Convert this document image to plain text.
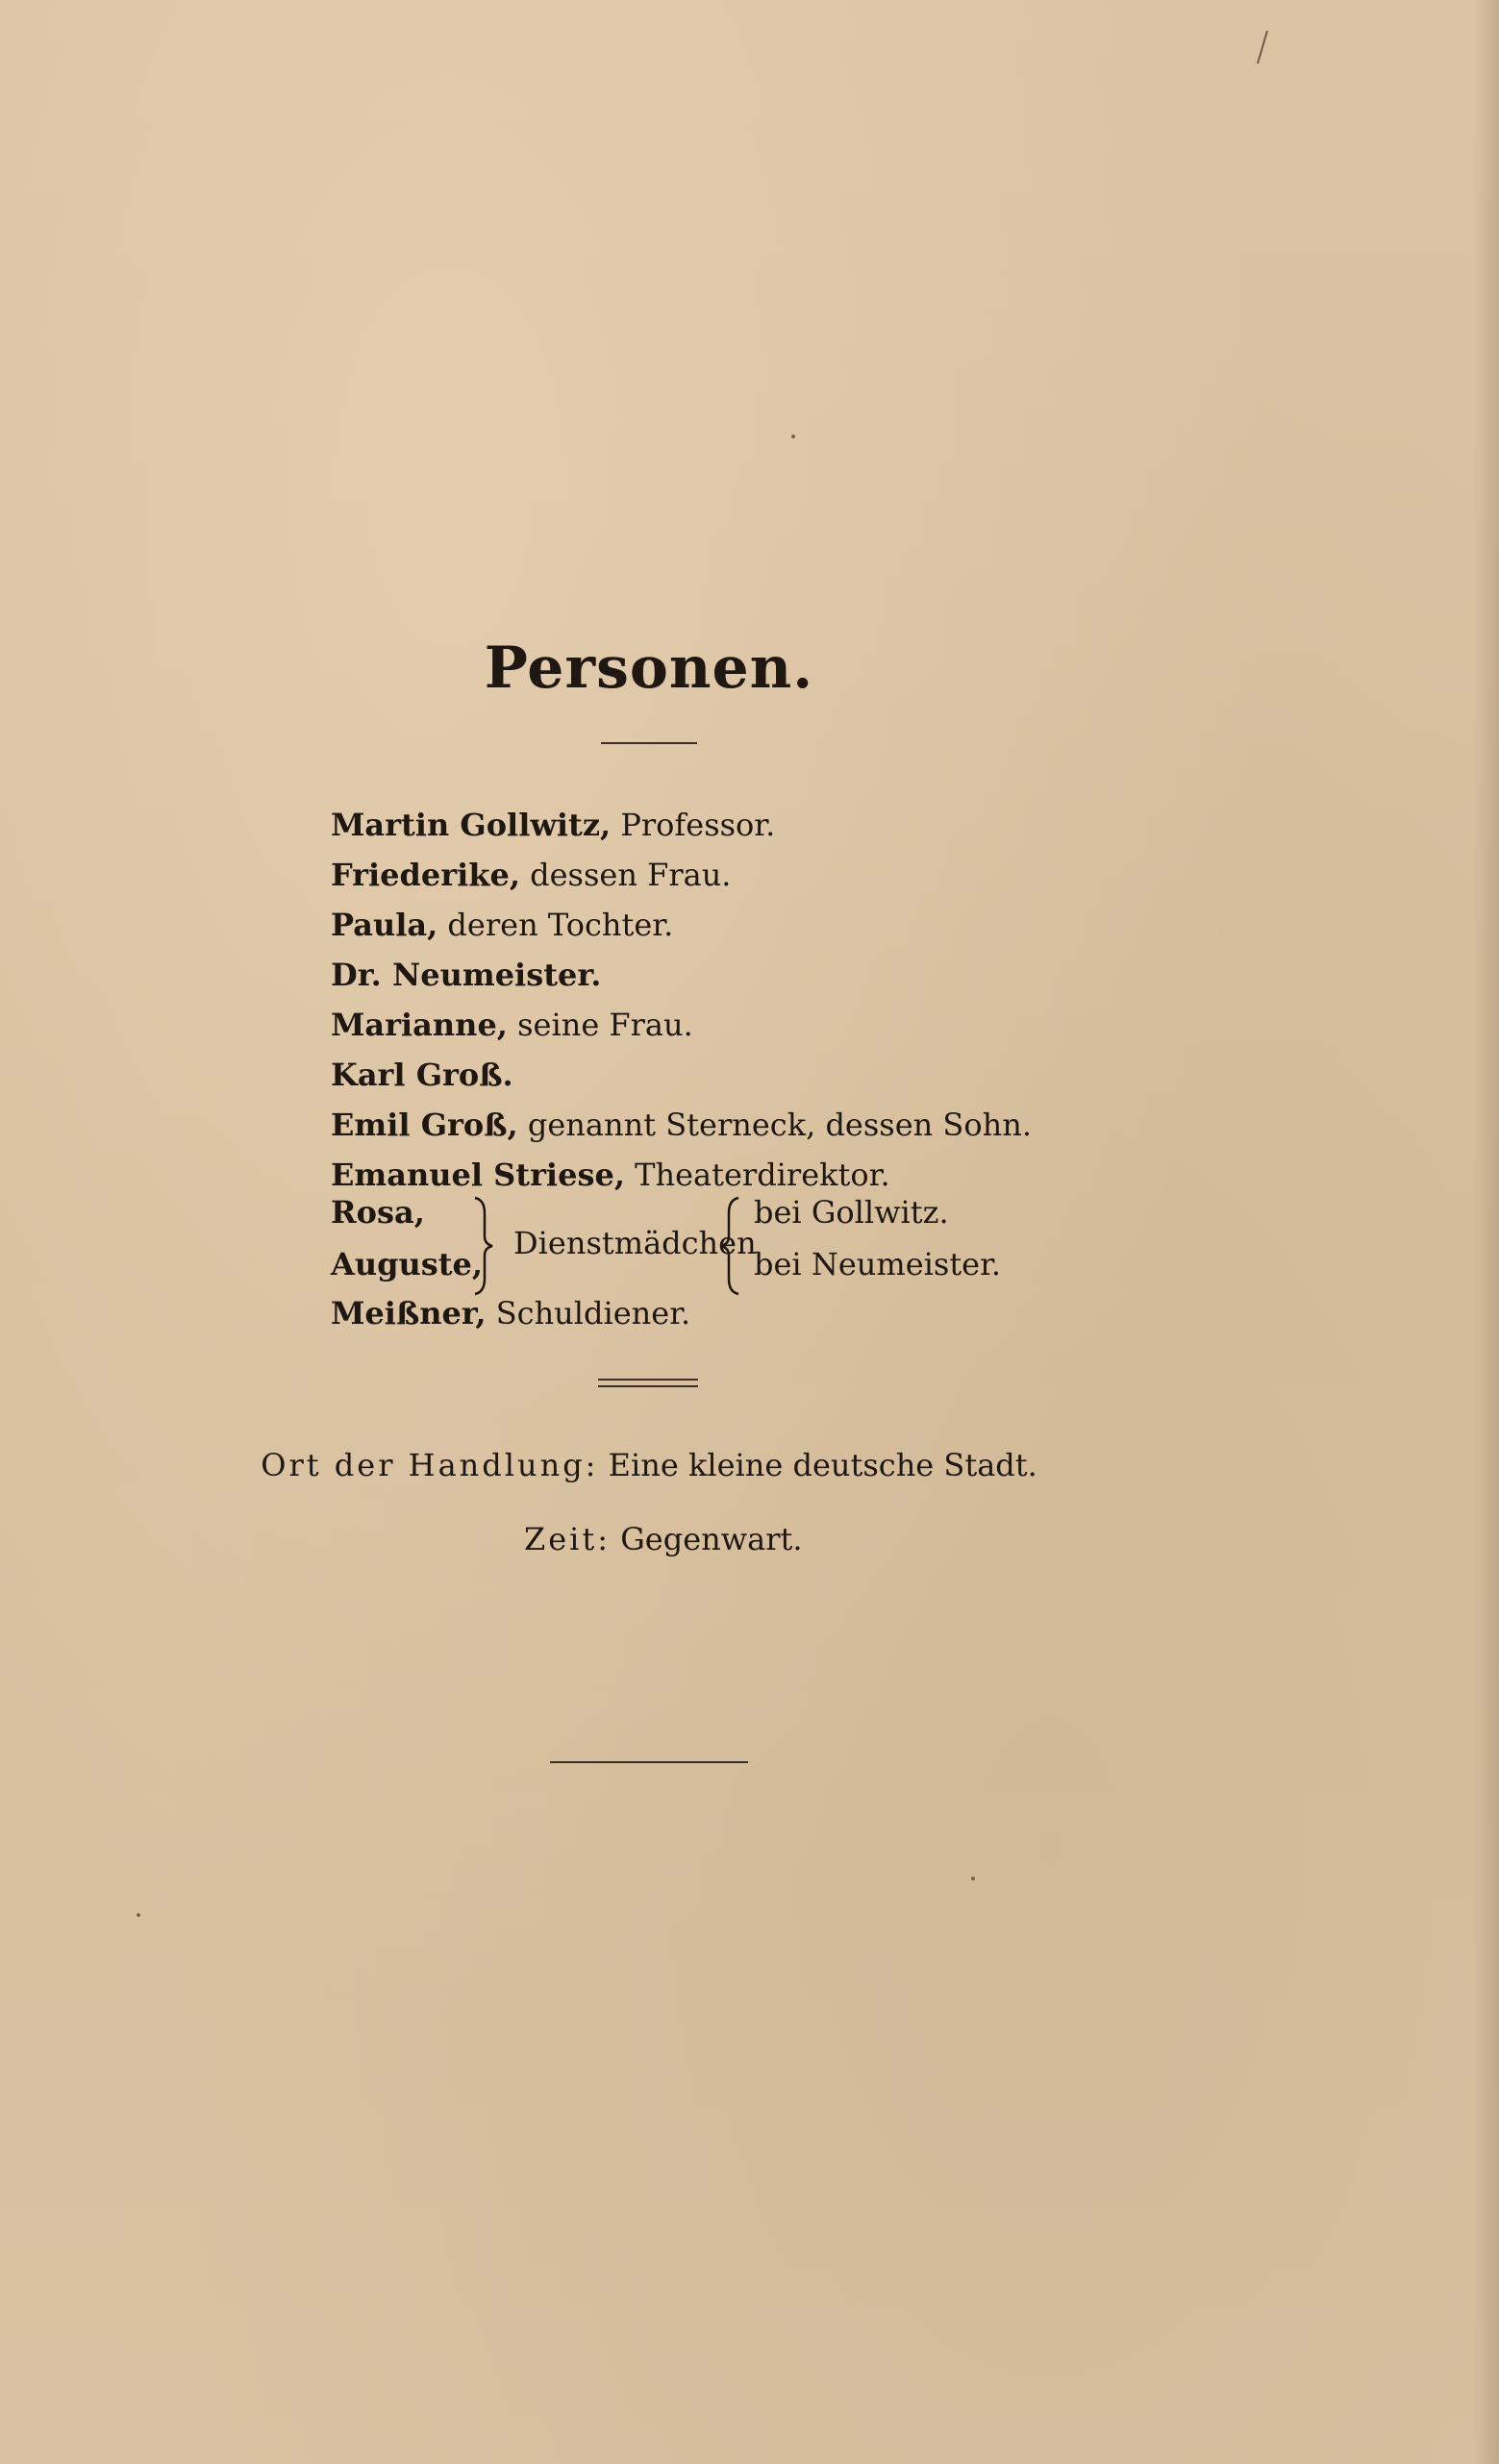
Personen.
Martin Gollwitz, Professor.
Friederike, dessen Frau.
Paula, deren Tochter.
Dr. Neumeister.
Marianne, seine Frau.
Karl Groß.
Emil Groß, genannt Sterneck, dessen Sohn.
Emanuel Striese, Theaterdirektor.
Rosa,
Auguste,
Dienstmädchen
bei Gollwitz.
bei Neumeister.
Meißner, Schuldiener.
Ort der Handlung: Eine kleine deutsche Stadt.
Zeit: Gegenwart.
